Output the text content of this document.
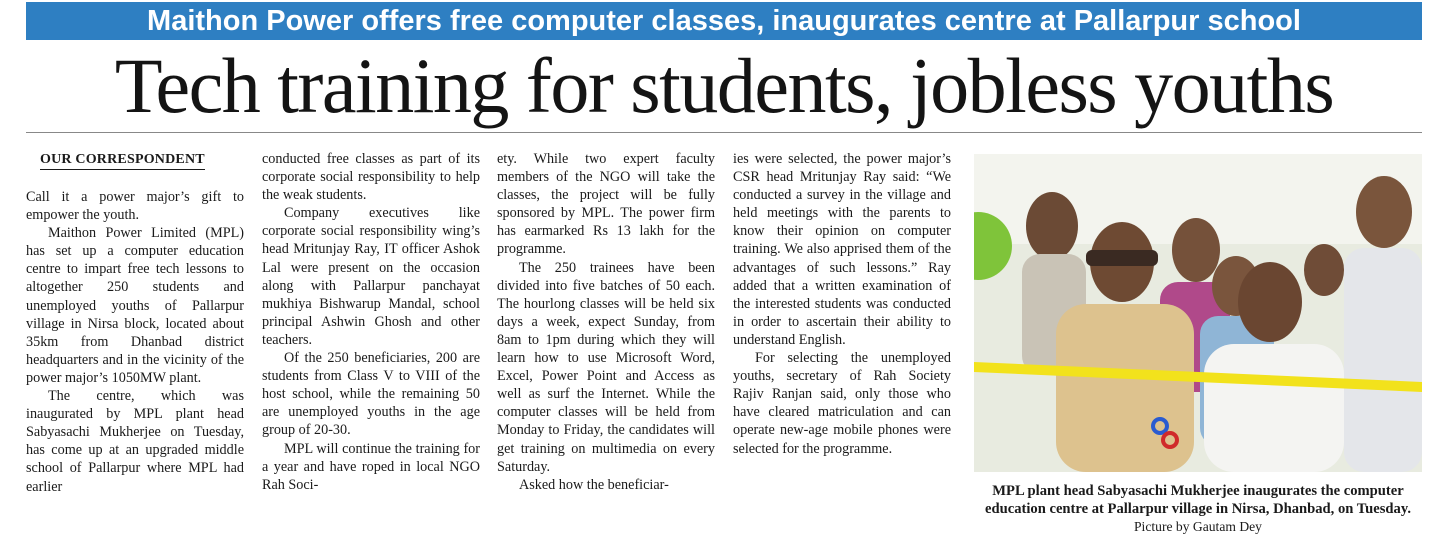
Maithon Power offers free computer classes, inaugurates centre at Pallarpur school
Tech training for students, jobless youths
OUR CORRESPONDENT

Call it a power major’s gift to empower the youth.

Maithon Power Limited (MPL) has set up a computer education centre to impart free tech lessons to altogether 250 students and unemployed youths of Pallarpur village in Nirsa block, located about 35km from Dhanbad district headquarters and in the vicinity of the power major’s 1050MW plant.

The centre, which was inaugurated by MPL plant head Sabyasachi Mukherjee on Tuesday, has come up at an upgraded middle school of Pallarpur where MPL had earlier

conducted free classes as part of its corporate social responsibility to help the weak students.

Company executives like corporate social responsibility wing’s head Mritunjay Ray, IT officer Ashok Lal were present on the occasion along with Pallarpur panchayat mukhiya Bishwarup Mandal, school principal Ashwin Ghosh and other teachers.

Of the 250 beneficiaries, 200 are students from Class V to VIII of the host school, while the remaining 50 are unemployed youths in the age group of 20-30.

MPL will continue the training for a year and have roped in local NGO Rah Soci-

ety. While two expert faculty members of the NGO will take the classes, the project will be fully sponsored by MPL. The power firm has earmarked Rs 13 lakh for the programme.

The 250 trainees have been divided into five batches of 50 each. The hourlong classes will be held six days a week, expect Sunday, from 8am to 1pm during which they will learn how to use Microsoft Word, Excel, Power Point and Access as well as surf the Internet. While the computer classes will be held from Monday to Friday, the candidates will get training on multimedia on every Saturday.

Asked how the beneficiar-

ies were selected, the power major’s CSR head Mritunjay Ray said: “We conducted a survey in the village and held meetings with the parents to know their opinion on computer training. We also apprised them of the advantages of such lessons.” Ray added that a written examination of the interested students was conducted in order to ascertain their ability to understand English.

For selecting the unemployed youths, secretary of Rah Society Rajiv Ranjan said, only those who have cleared matriculation and can operate new-age mobile phones were selected for the programme.

MPL plant head Sabyasachi Mukherjee inaugurates the computer education centre at Pallarpur village in Nirsa, Dhanbad, on Tuesday. Picture by Gautam Dey
